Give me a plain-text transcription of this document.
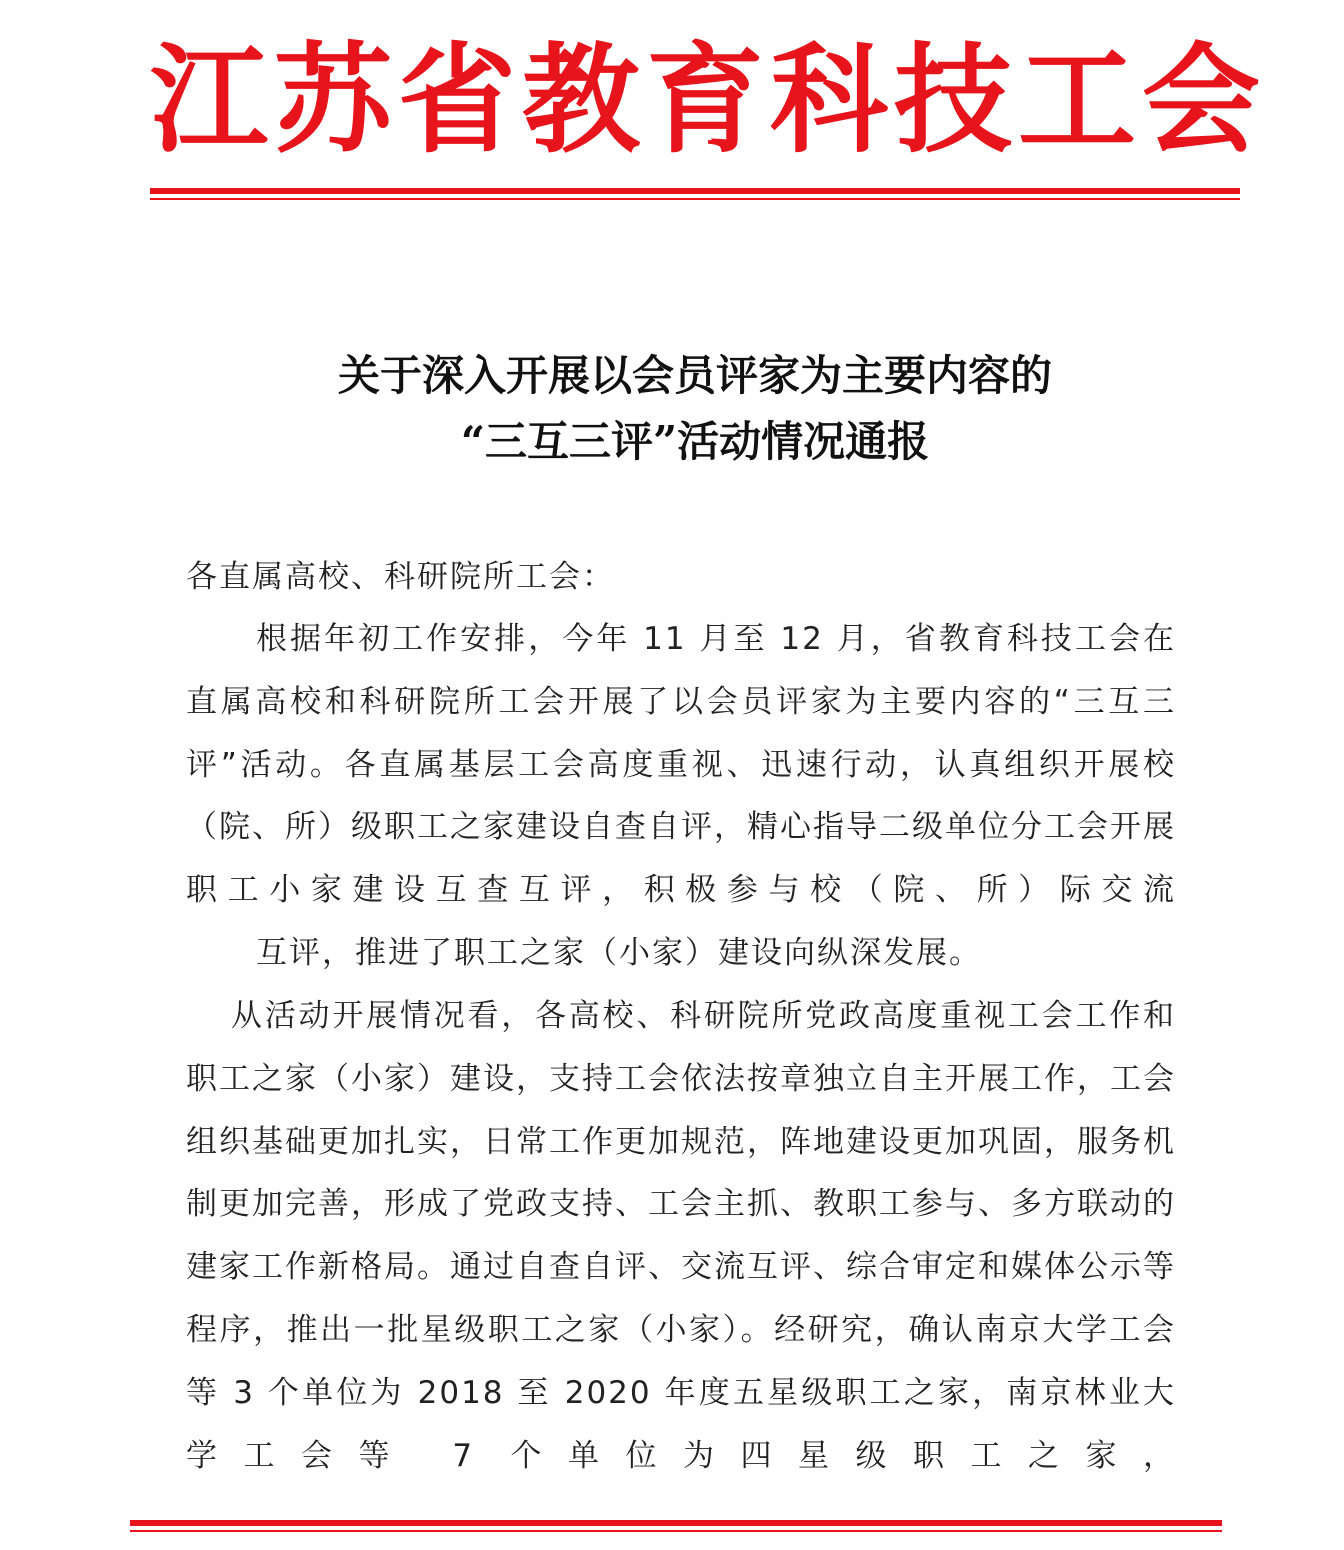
江苏省教育科技工会
关于深入开展以会员评家为主要内容的
“三互三评”活动情况通报
各直属高校、科研院所工会：
根据年初工作安排，今年 11 月至 12 月，省教育科技工会在直属高校和科研院所工会开展了以会员评家为主要内容的“三互三评”活动。各直属基层工会高度重视、迅速行动，认真组织开展校（院、所）级职工之家建设自查自评，精心指导二级单位分工会开展职工小家建设互查互评，积极参与校（院、所）际交流
互评，推进了职工之家（小家）建设向纵深发展。
从活动开展情况看，各高校、科研院所党政高度重视工会工作和职工之家（小家）建设，支持工会依法按章独立自主开展工作，工会组织基础更加扎实，日常工作更加规范，阵地建设更加巩固，服务机制更加完善，形成了党政支持、工会主抓、教职工参与、多方联动的建家工作新格局。通过自查自评、交流互评、综合审定和媒体公示等程序，推出一批星级职工之家（小家）。经研究，确认南京大学工会等 3 个单位为 2018 至 2020 年度五星级职工之家，南京林业大学工会等 7 个单位为四星级职工之家，
